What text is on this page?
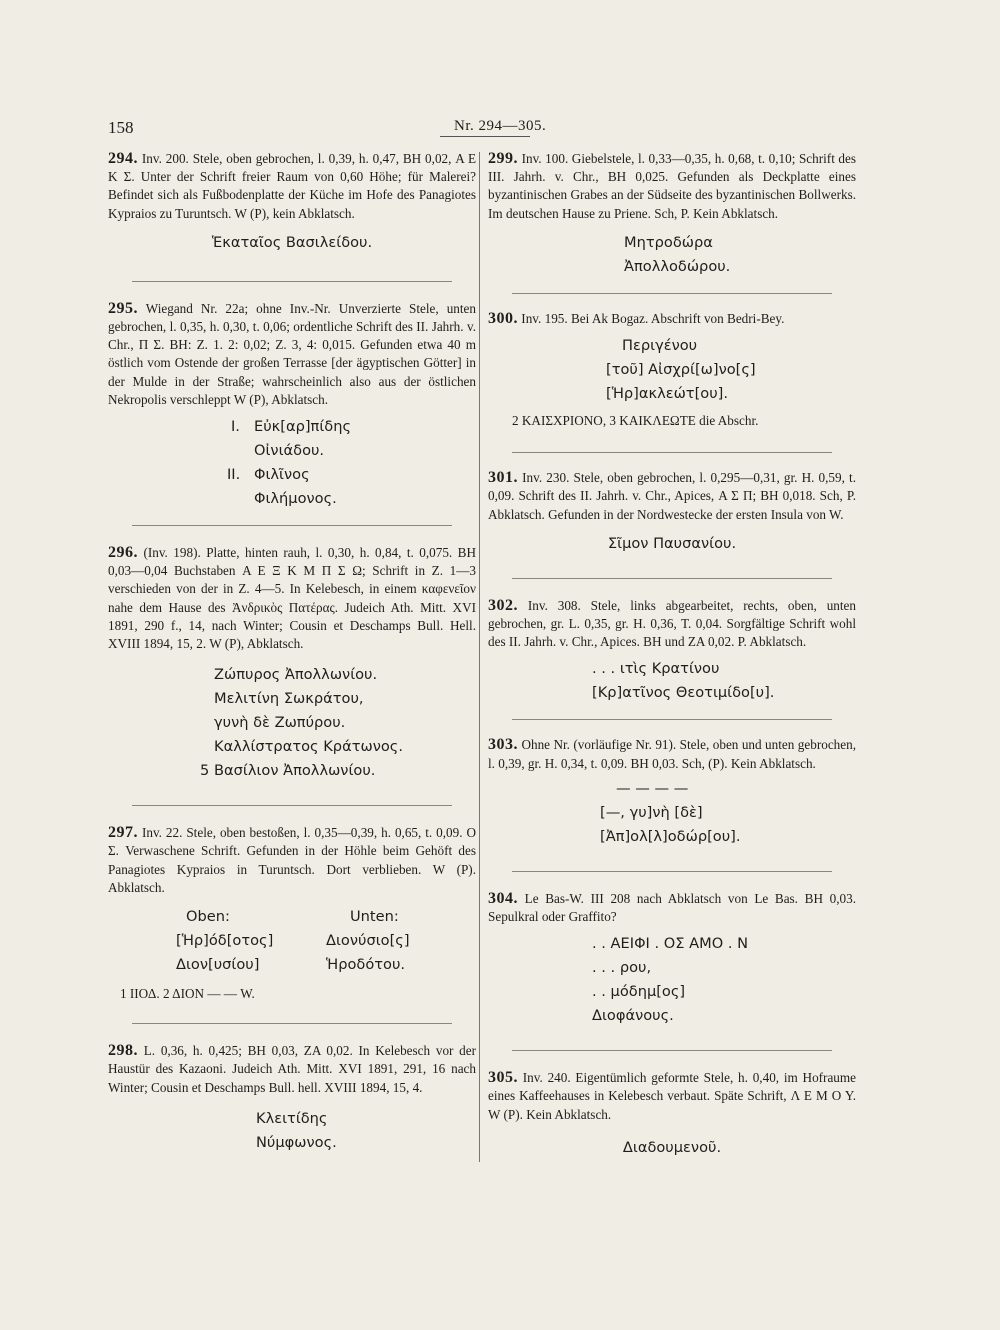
158	Nr. 294—305.

294. Inv. 200. Stele, oben gebrochen, l. 0,39, h. 0,47, BH 0,02, Α Ε Κ Σ. Unter der Schrift freier Raum von 0,60 Höhe; für Malerei? Befindet sich als Fußbodenplatte der Küche im Hofe des Panagiotes Kypraios zu Turuntsch. W (P), kein Abklatsch.

Ἑκαταῖος Βασιλείδου.

295. Wiegand Nr. 22a; ohne Inv.-Nr. Unverzierte Stele, unten gebrochen, l. 0,35, h. 0,30, t. 0,06; ordentliche Schrift des II. Jahrh. v. Chr., Π Σ. BH: Z. 1. 2: 0,02; Z. 3, 4: 0,015. Gefunden etwa 40 m östlich vom Ostende der großen Terrasse [der ägyptischen Götter] in der Mulde in der Straße; wahrscheinlich also aus der östlichen Nekropolis verschleppt W (P), Abklatsch.

I. Εὐκ[αρ]πίδης
Οἰνιάδου.
II. Φιλῖνος
Φιλήμονος.

296. (Inv. 198). Platte, hinten rauh, l. 0,30, h. 0,84, t. 0,075. BH 0,03—0,04 Buchstaben Α Ε Ξ Κ Μ Π Σ Ω; Schrift in Z. 1—3 verschieden von der in Z. 4—5. In Kelebesch, in einem καφενεῖον nahe dem Hause des Ἀνδρικὸς Πατέρας. Judeich Ath. Mitt. XVI 1891, 290 f., 14, nach Winter; Cousin et Deschamps Bull. Hell. XVIII 1894, 15, 2. W (P), Abklatsch.

Ζώπυρος Ἀπολλωνίου.
Μελιτίνη Σωκράτου,
γυνὴ δὲ Ζωπύρου.
Καλλίστρατος Κράτωνος.
5 Βασίλιον Ἀπολλωνίου.

297. Inv. 22. Stele, oben bestoßen, l. 0,35—0,39, h. 0,65, t. 0,09. Ο Σ. Verwaschene Schrift. Gefunden in der Höhle beim Gehöft des Panagiotes Kypraios in Turuntsch. Dort verblieben. W (P). Abklatsch.

Oben:	Unten:
[Ἡρ]όδ[οτος]
Διον[υσίου]
Διονύσιο[ς]
Ἡροδότου.

1 ΙΙΟΔ. 2 ΔΙΟΝ — — W.

298. L. 0,36, h. 0,425; BH 0,03, ZA 0,02. In Kelebesch vor der Haustür des Kazaoni. Judeich Ath. Mitt. XVI 1891, 291, 16 nach Winter; Cousin et Deschamps Bull. hell. XVIII 1894, 15, 4.

Κλειτίδης
Νύμφωνος.

299. Inv. 100. Giebelstele, l. 0,33—0,35, h. 0,68, t. 0,10; Schrift des III. Jahrh. v. Chr., BH 0,025. Gefunden als Deckplatte eines byzantinischen Grabes an der Südseite des byzantinischen Bollwerks. Im deutschen Hause zu Priene. Sch, P. Kein Abklatsch.

Μητροδώρα
Ἀπολλοδώρου.

300. Inv. 195. Bei Ak Bogaz. Abschrift von Bedri-Bey.

Περιγένου
[τοῦ] Αἰσχρί[ω]νο[ς]
[Ἡρ]ακλεώτ[ου].

2 ΚΑΙΣΧΡΙΟΝΟ, 3 ΚΑΙΚΛΕΩΤΕ die Abschr.

301. Inv. 230. Stele, oben gebrochen, l. 0,295—0,31, gr. H. 0,59, t. 0,09. Schrift des II. Jahrh. v. Chr., Apices, Α Σ Π; BH 0,018. Sch, P. Abklatsch. Gefunden in der Nordwestecke der ersten Insula von W.

Σῖμον Παυσανίου.

302. Inv. 308. Stele, links abgearbeitet, rechts, oben, unten gebrochen, gr. L. 0,35, gr. H. 0,36, T. 0,04. Sorgfältige Schrift wohl des II. Jahrh. v. Chr., Apices. BH und ZA 0,02. P. Abklatsch.

. . . ιτὶς Κρατίνου
[Κρ]ατῖνος Θεοτιμίδο[υ].

303. Ohne Nr. (vorläufige Nr. 91). Stele, oben und unten gebrochen, l. 0,39, gr. H. 0,34, t. 0,09. BH 0,03. Sch, (P). Kein Abklatsch.

— — — —
[—, γυ]νὴ [δὲ]
[Ἀπ]ολ[λ]οδώρ[ου].

304. Le Bas-W. III 208 nach Abklatsch von Le Bas. BH 0,03. Sepulkral oder Graffito?

. . ΑΕΙΦΙ . ΟΣ ΑΜΟ . Ν
. . . ρου,
. . μόδημ[ος]
Διοφάνους.

305. Inv. 240. Eigentümlich geformte Stele, h. 0,40, im Hofraume eines Kaffeehauses in Kelebesch verbaut. Späte Schrift, Λ Ε Μ Ο Υ. W (P). Kein Abklatsch.

Διαδουμενοῦ.
